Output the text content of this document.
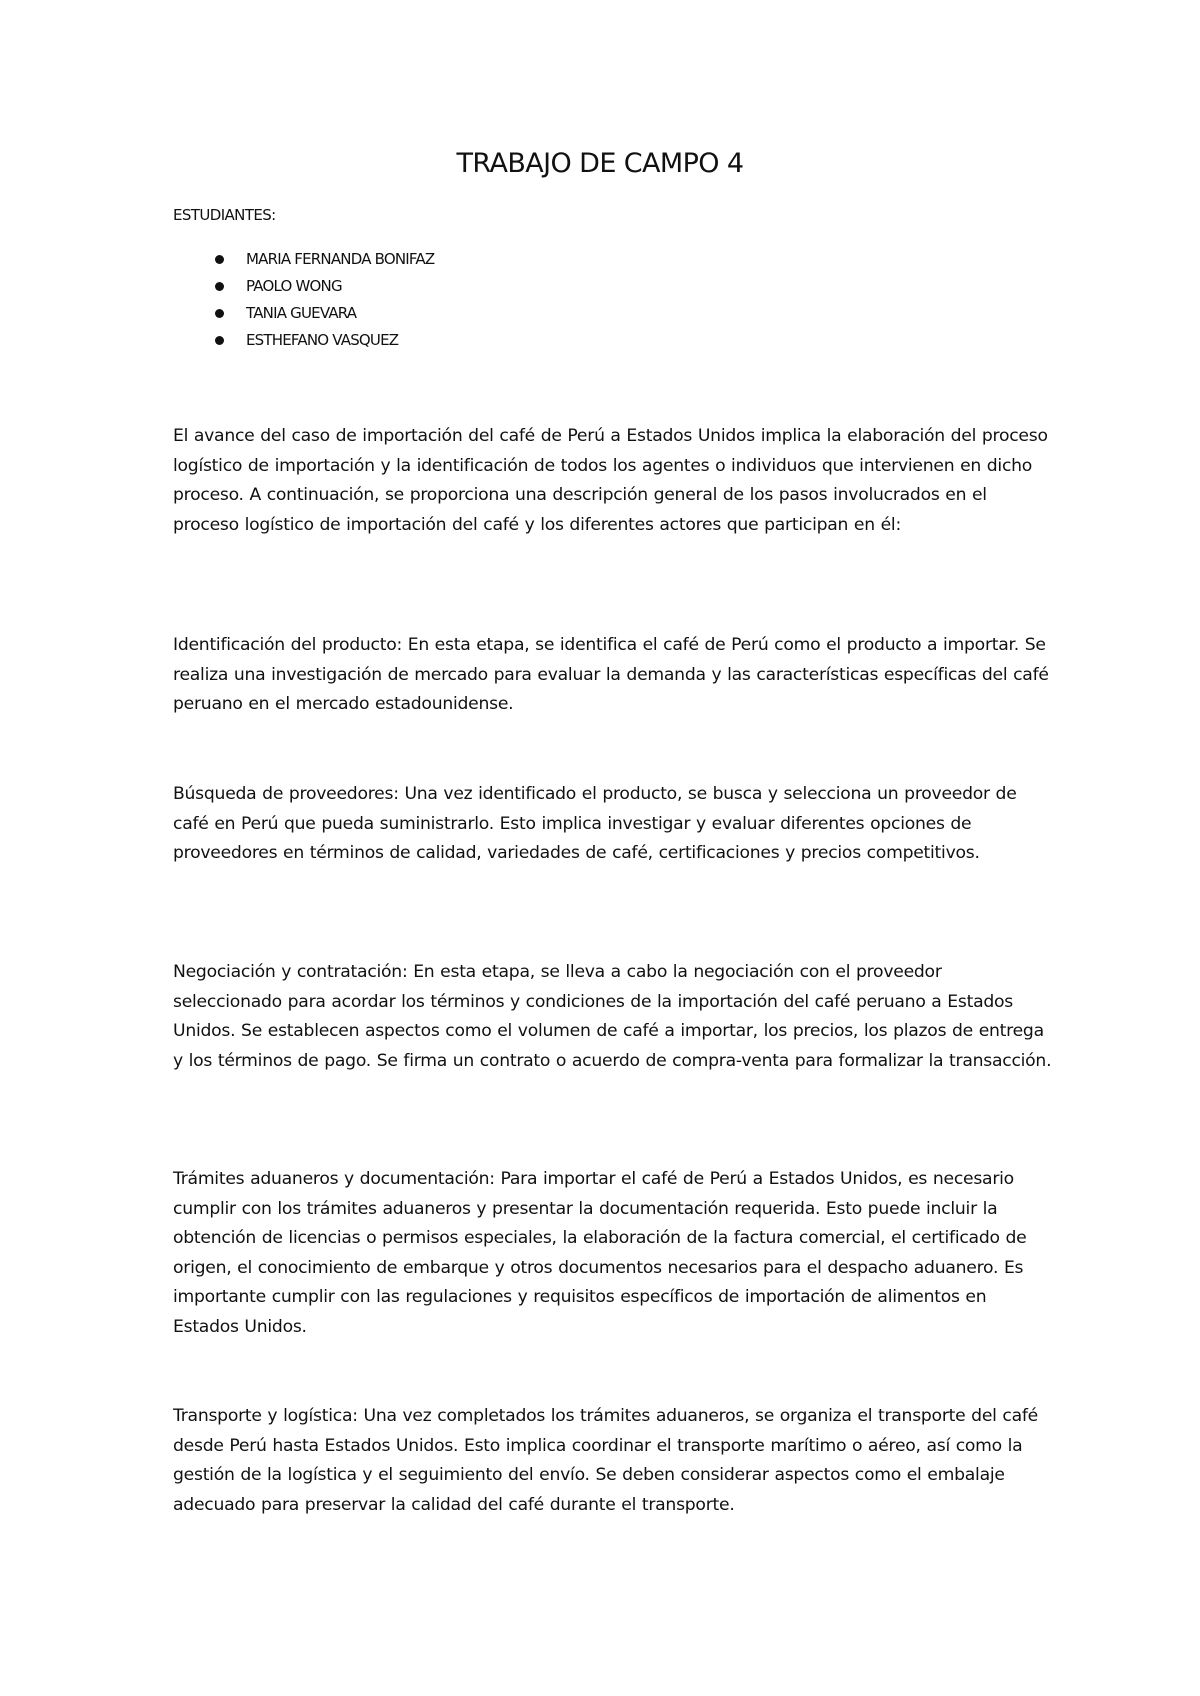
TRABAJO DE CAMPO 4
ESTUDIANTES:
MARIA FERNANDA BONIFAZ
PAOLO WONG
TANIA GUEVARA
ESTHEFANO VASQUEZ

El avance del caso de importación del café de Perú a Estados Unidos implica la elaboración del proceso logístico de importación y la identificación de todos los agentes o individuos que intervienen en dicho proceso. A continuación, se proporciona una descripción general de los pasos involucrados en el proceso logístico de importación del café y los diferentes actores que participan en él:

Identificación del producto: En esta etapa, se identifica el café de Perú como el producto a importar. Se realiza una investigación de mercado para evaluar la demanda y las características específicas del café peruano en el mercado estadounidense.

Búsqueda de proveedores: Una vez identificado el producto, se busca y selecciona un proveedor de café en Perú que pueda suministrarlo. Esto implica investigar y evaluar diferentes opciones de proveedores en términos de calidad, variedades de café, certificaciones y precios competitivos.

Negociación y contratación: En esta etapa, se lleva a cabo la negociación con el proveedor seleccionado para acordar los términos y condiciones de la importación del café peruano a Estados Unidos. Se establecen aspectos como el volumen de café a importar, los precios, los plazos de entrega y los términos de pago. Se firma un contrato o acuerdo de compra-venta para formalizar la transacción.

Trámites aduaneros y documentación: Para importar el café de Perú a Estados Unidos, es necesario cumplir con los trámites aduaneros y presentar la documentación requerida. Esto puede incluir la obtención de licencias o permisos especiales, la elaboración de la factura comercial, el certificado de origen, el conocimiento de embarque y otros documentos necesarios para el despacho aduanero. Es importante cumplir con las regulaciones y requisitos específicos de importación de alimentos en Estados Unidos.

Transporte y logística: Una vez completados los trámites aduaneros, se organiza el transporte del café desde Perú hasta Estados Unidos. Esto implica coordinar el transporte marítimo o aéreo, así como la gestión de la logística y el seguimiento del envío. Se deben considerar aspectos como el embalaje adecuado para preservar la calidad del café durante el transporte.
